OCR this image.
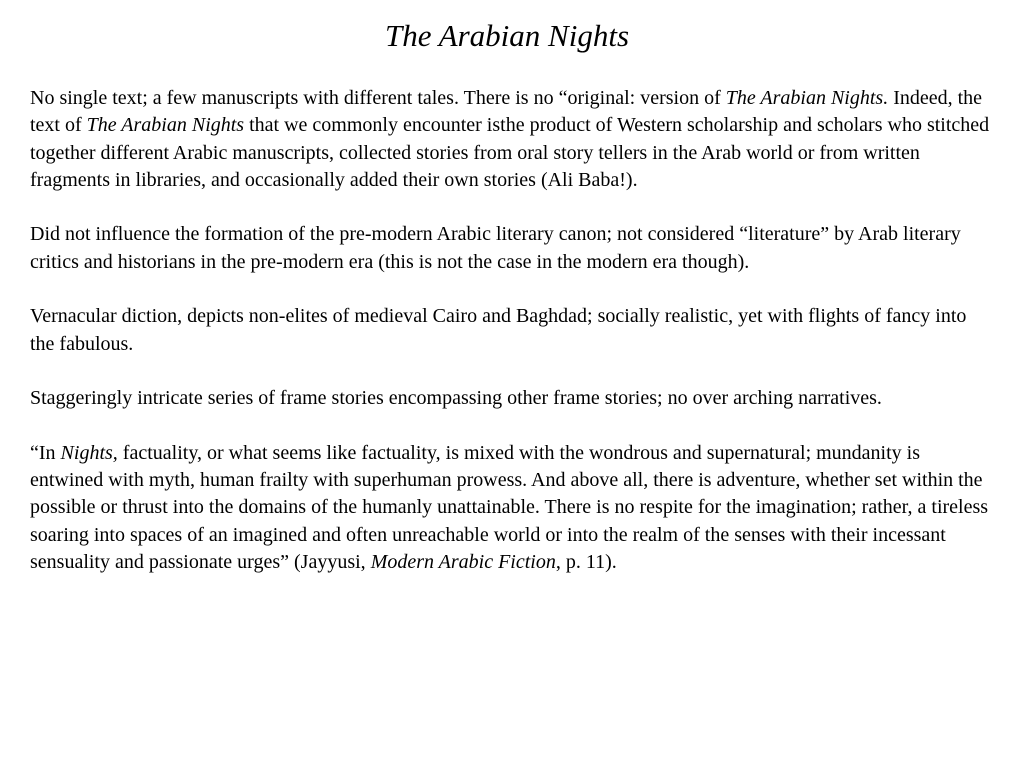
The Arabian Nights

No single text; a few manuscripts with different tales. There is no “original: version of The Arabian Nights. Indeed, the text of The Arabian Nights that we commonly encounter isthe product of Western scholarship and scholars who stitched together different Arabic manuscripts, collected stories from oral story tellers in the Arab world or from written fragments in libraries, and occasionally added their own stories (Ali Baba!).

Did not influence the formation of the pre-modern Arabic literary canon; not considered “literature” by Arab literary critics and historians in the pre-modern era (this is not the case in the modern era though).

Vernacular diction, depicts non-elites of medieval Cairo and Baghdad; socially realistic, yet with flights of fancy into the fabulous.

Staggeringly intricate series of frame stories encompassing other frame stories; no over arching narratives.

“In Nights, factuality, or what seems like factuality, is mixed with the wondrous and supernatural; mundanity is entwined with myth, human frailty with superhuman prowess. And above all, there is adventure, whether set within the possible or thrust into the domains of the humanly unattainable. There is no respite for the imagination; rather, a tireless soaring into spaces of an imagined and often unreachable world or into the realm of the senses with their incessant sensuality and passionate urges” (Jayyusi, Modern Arabic Fiction, p. 11).
